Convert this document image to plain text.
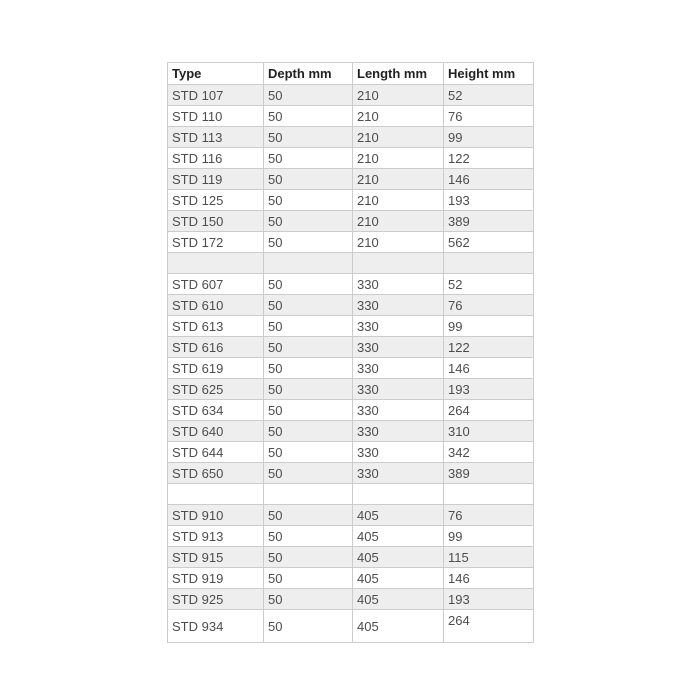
Type	Depth mm	Length mm	Height mm
STD 107	50	210	52
STD 110	50	210	76
STD 113	50	210	99
STD 116	50	210	122
STD 119	50	210	146
STD 125	50	210	193
STD 150	50	210	389
STD 172	50	210	562

STD 607	50	330	52
STD 610	50	330	76
STD 613	50	330	99
STD 616	50	330	122
STD 619	50	330	146
STD 625	50	330	193
STD 634	50	330	264
STD 640	50	330	310
STD 644	50	330	342
STD 650	50	330	389

STD 910	50	405	76
STD 913	50	405	99
STD 915	50	405	115
STD 919	50	405	146
STD 925	50	405	193
STD 934	50	405	264
